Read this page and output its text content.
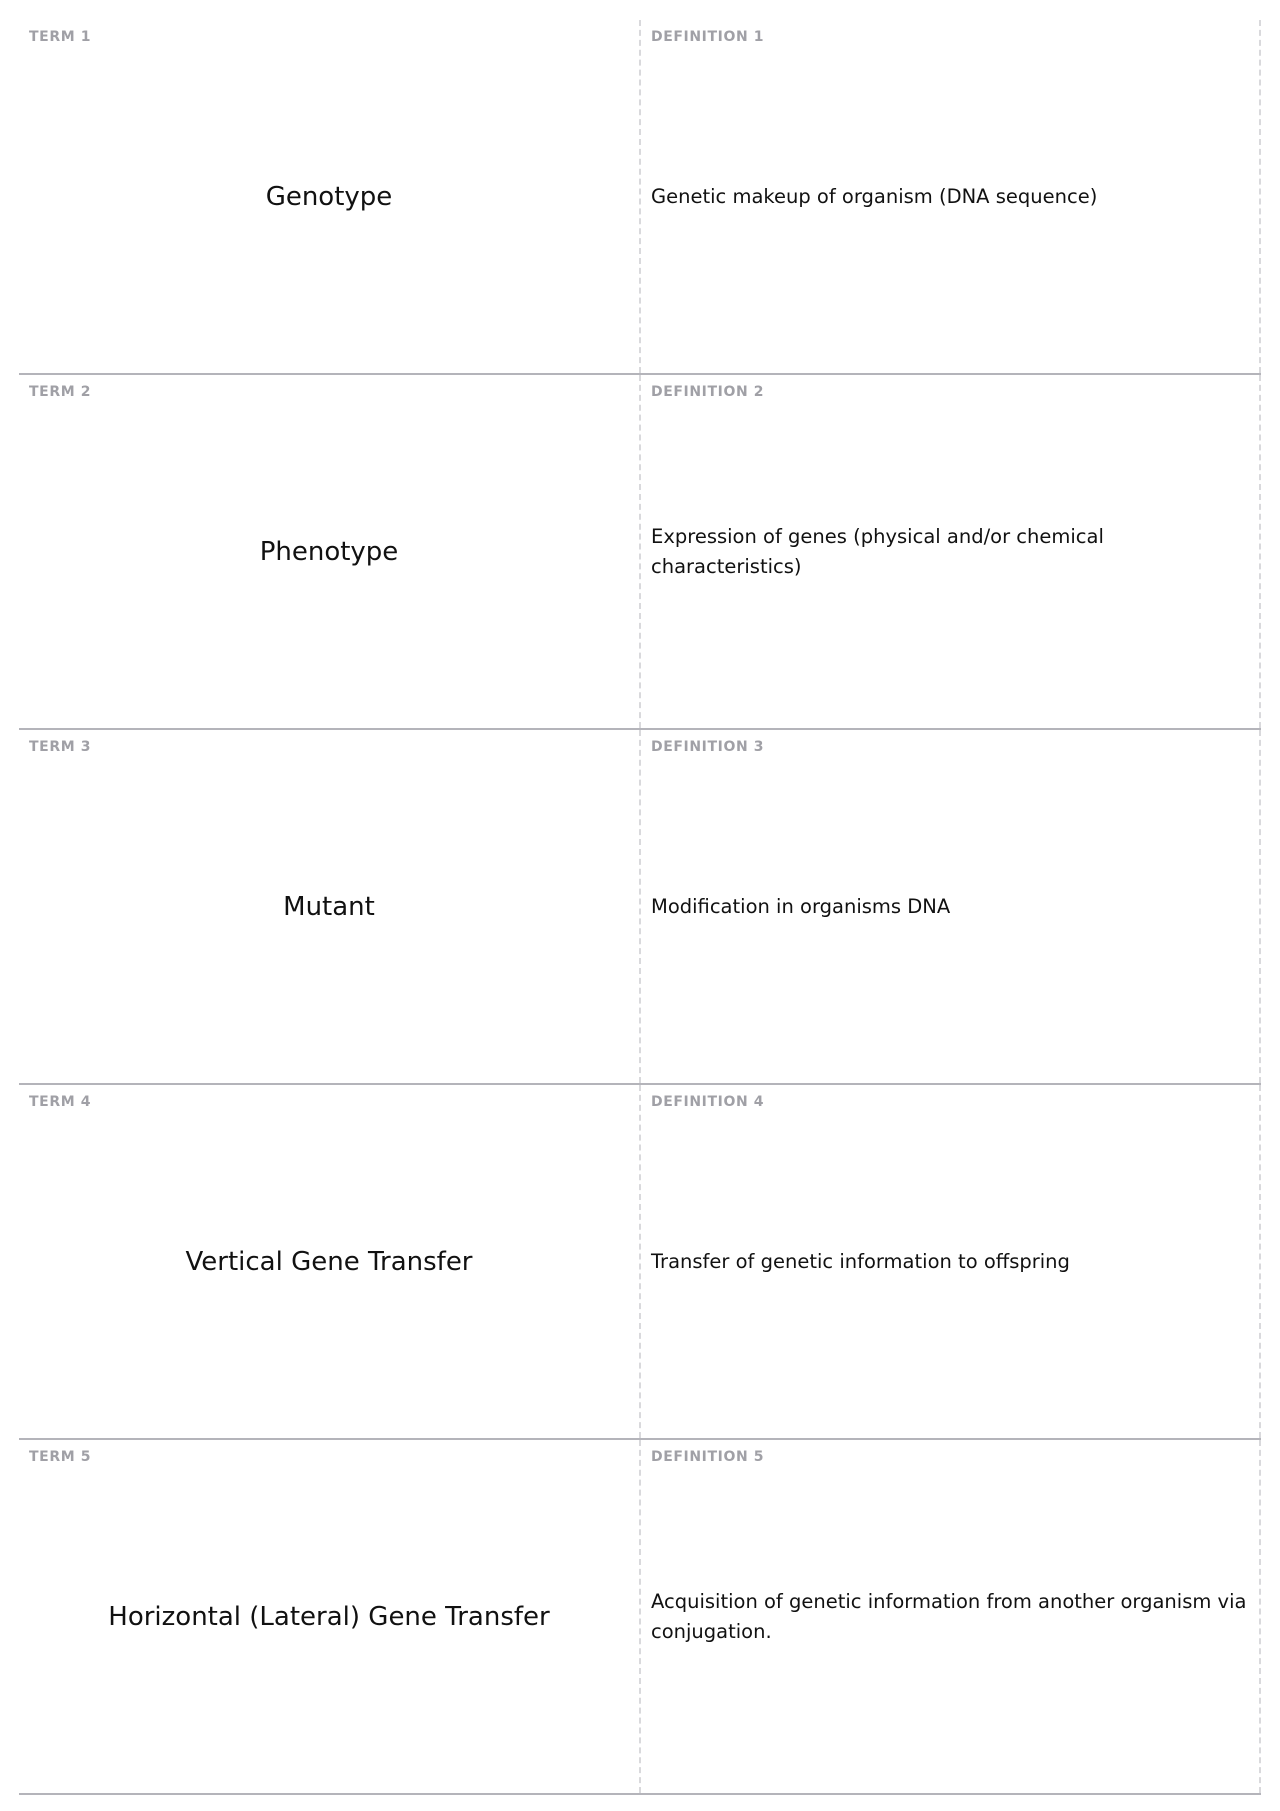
TERM 1
Genotype
DEFINITION 1
Genetic makeup of organism (DNA sequence)
TERM 2
Phenotype
DEFINITION 2
Expression of genes (physical and/or chemical characteristics)
TERM 3
Mutant
DEFINITION 3
Modification in organisms DNA
TERM 4
Vertical Gene Transfer
DEFINITION 4
Transfer of genetic information to offspring
TERM 5
Horizontal (Lateral) Gene Transfer
DEFINITION 5
Acquisition of genetic information from another organism via conjugation.
